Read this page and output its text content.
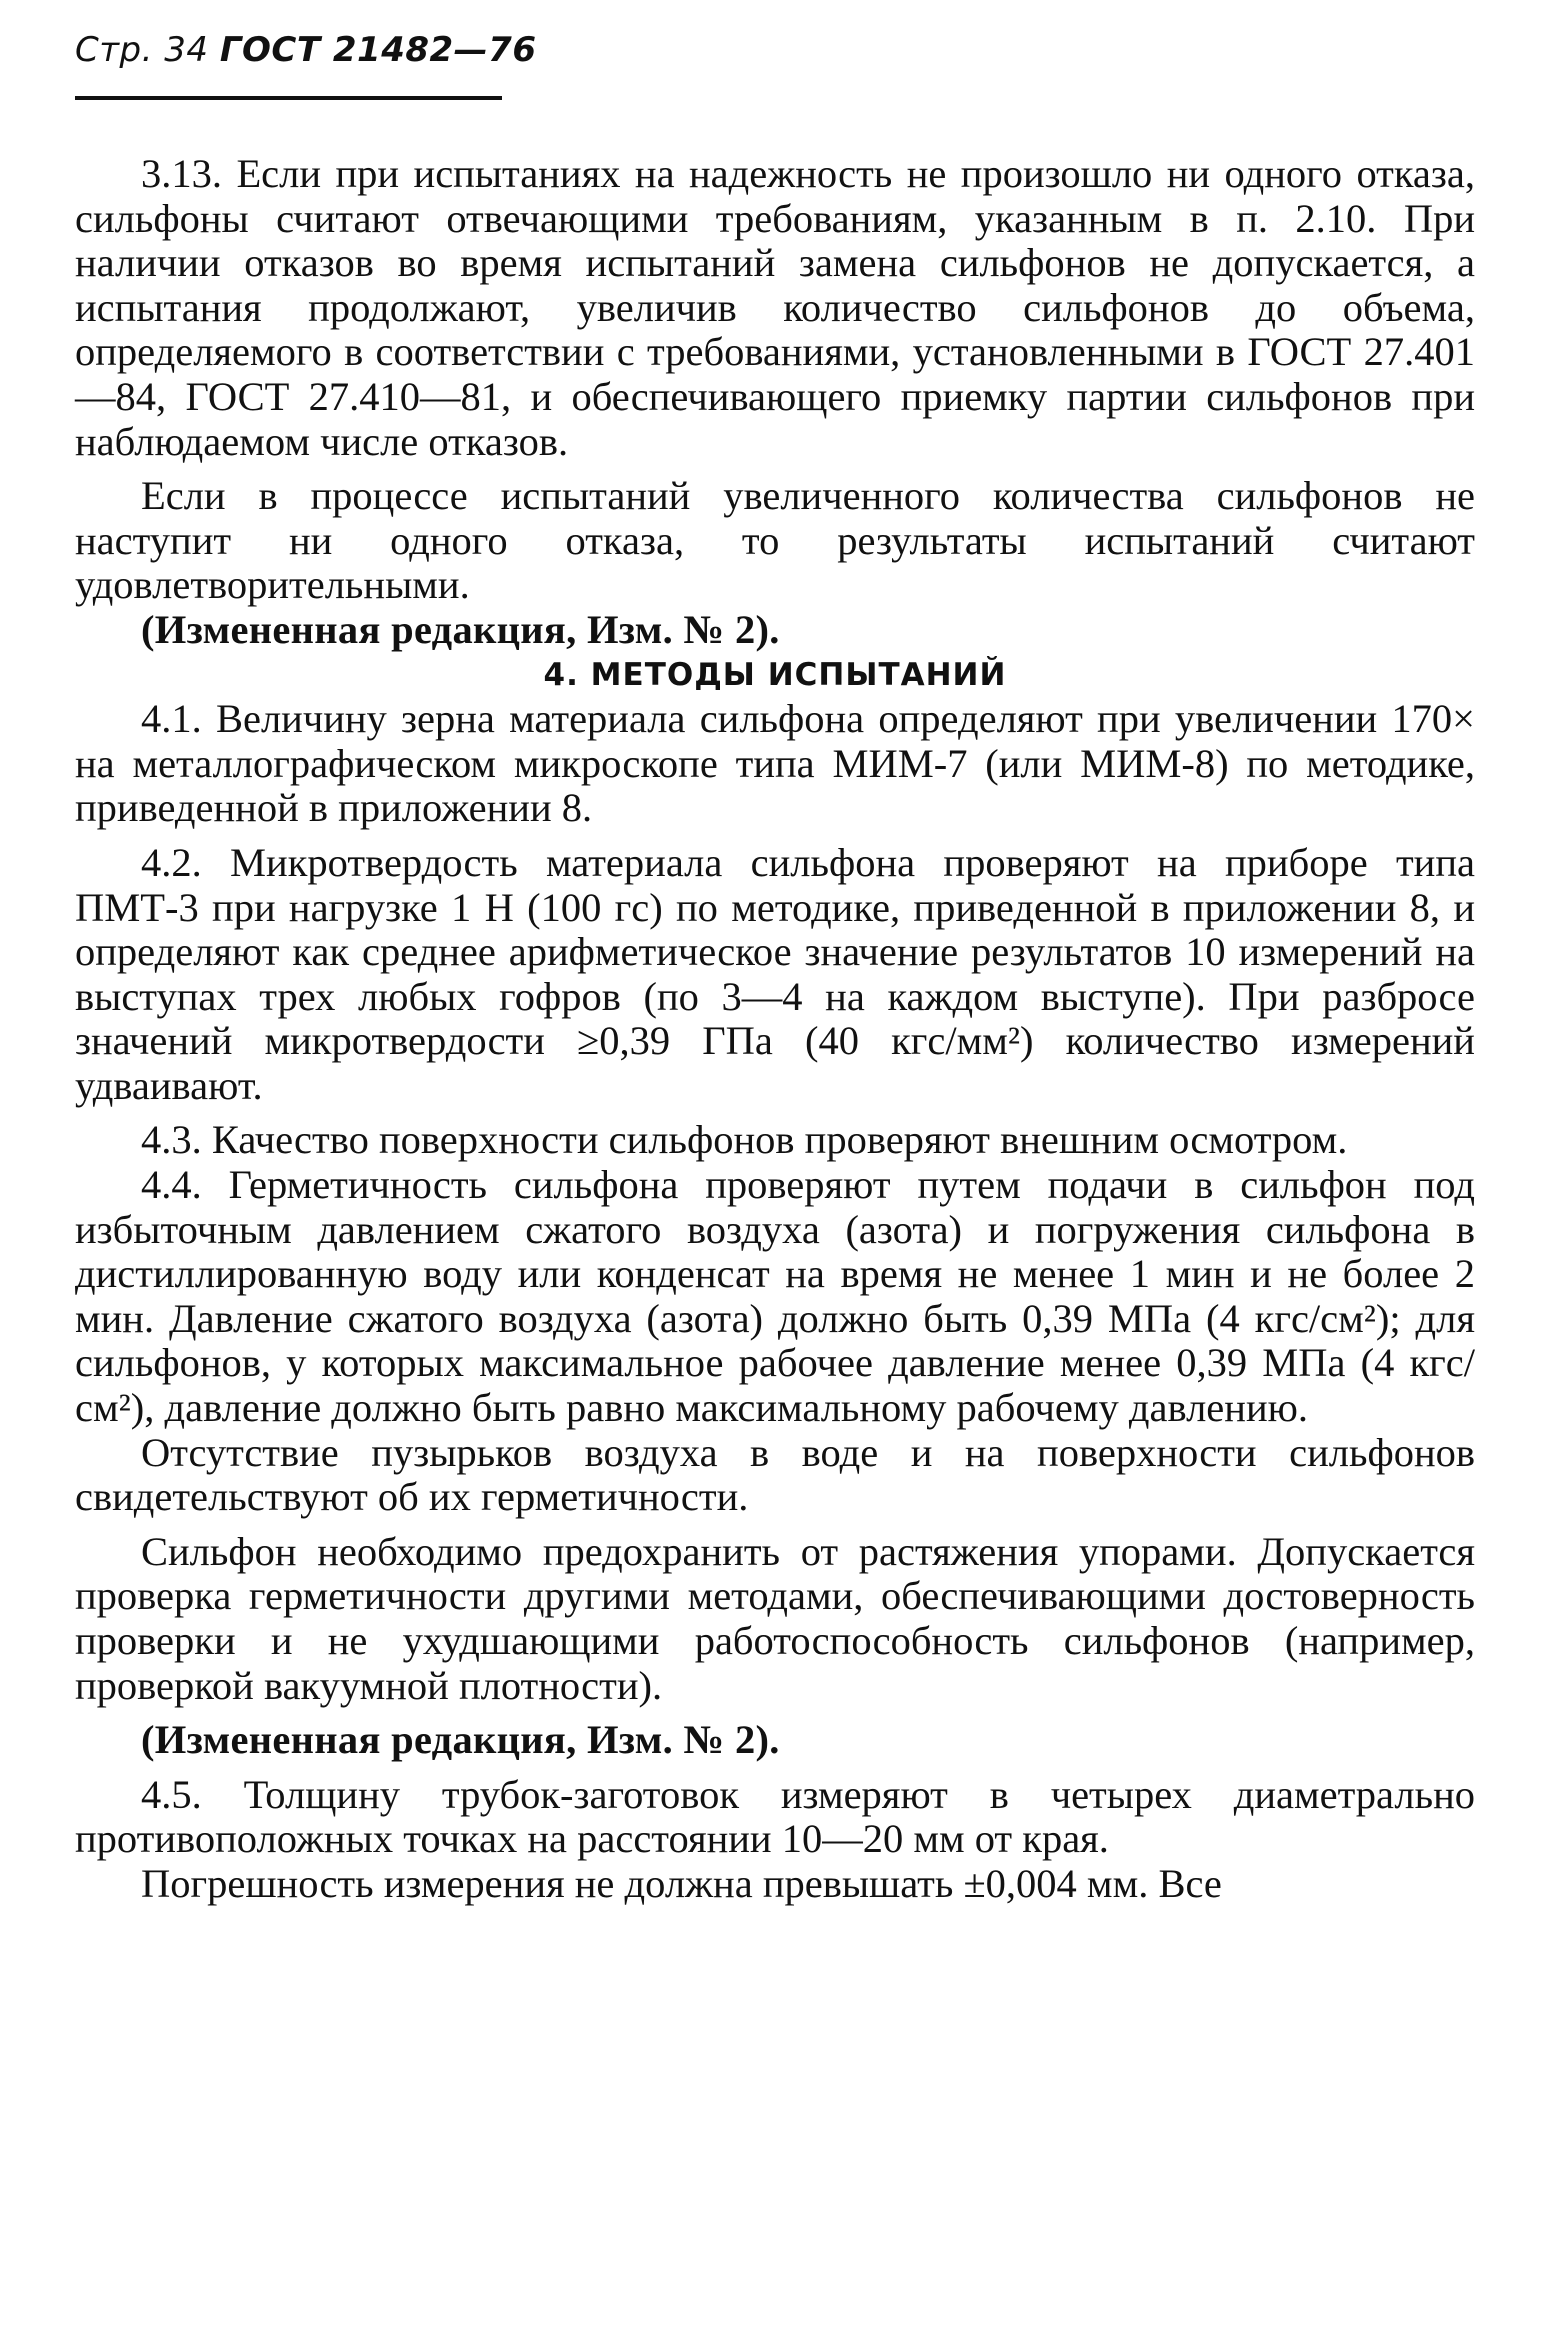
Стр. 34 ГОСТ 21482—76

3.13. Если при испытаниях на надежность не произошло ни одного отказа, сильфоны считают отвечающими требованиям, указанным в п. 2.10. При наличии отказов во время испытаний замена сильфонов не допускается, а испытания продолжают, увеличив количество сильфонов до объема, определяемого в соответствии с требованиями, установленными в ГОСТ 27.401—84, ГОСТ 27.410—81, и обеспечивающего приемку партии сильфонов при наблюдаемом числе отказов.

Если в процессе испытаний увеличенного количества сильфонов не наступит ни одного отказа, то результаты испытаний считают удовлетворительными.

(Измененная редакция, Изм. № 2).

4. МЕТОДЫ ИСПЫТАНИЙ

4.1. Величину зерна материала сильфона определяют при увеличении 170× на металлографическом микроскопе типа МИМ-7 (или МИМ-8) по методике, приведенной в приложении 8.

4.2. Микротвердость материала сильфона проверяют на приборе типа ПМТ-3 при нагрузке 1 Н (100 гс) по методике, приведенной в приложении 8, и определяют как среднее арифметическое значение результатов 10 измерений на выступах трех любых гофров (по 3—4 на каждом выступе). При разбросе значений микротвердости ≥0,39 ГПа (40 кгс/мм²) количество измерений удваивают.

4.3. Качество поверхности сильфонов проверяют внешним осмотром.

4.4. Герметичность сильфона проверяют путем подачи в сильфон под избыточным давлением сжатого воздуха (азота) и погружения сильфона в дистиллированную воду или конденсат на время не менее 1 мин и не более 2 мин. Давление сжатого воздуха (азота) должно быть 0,39 МПа (4 кгс/см²); для сильфонов, у которых максимальное рабочее давление менее 0,39 МПа (4 кгс/см²), давление должно быть равно максимальному рабочему давлению.

Отсутствие пузырьков воздуха в воде и на поверхности сильфонов свидетельствуют об их герметичности.

Сильфон необходимо предохранить от растяжения упорами. Допускается проверка герметичности другими методами, обеспечивающими достоверность проверки и не ухудшающими работоспособность сильфонов (например, проверкой вакуумной плотности).

(Измененная редакция, Изм. № 2).

4.5. Толщину трубок-заготовок измеряют в четырех диаметрально противоположных точках на расстоянии 10—20 мм от края.

Погрешность измерения не должна превышать ±0,004 мм. Все
